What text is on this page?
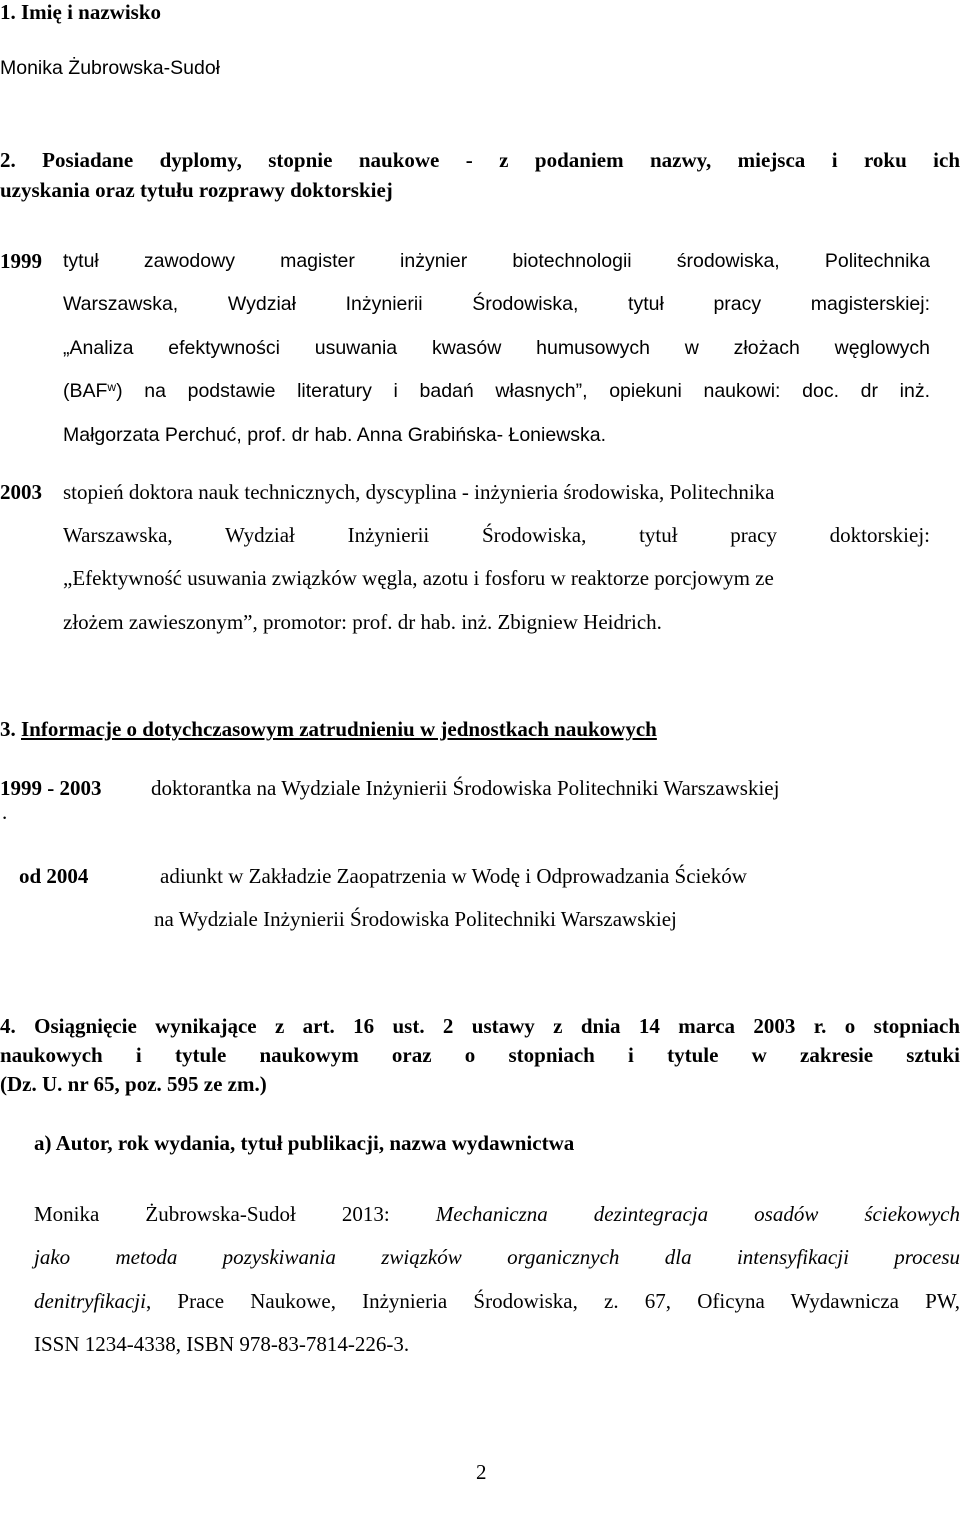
1. Imię i nazwisko
Monika Żubrowska-Sudoł
2. Posiadane dyplomy, stopnie naukowe - z podaniem nazwy, miejsca i roku ich
uzyskania oraz tytułu rozprawy doktorskiej
1999 tytuł zawodowy magister inżynier biotechnologii środowiska, Politechnika
Warszawska, Wydział Inżynierii Środowiska, tytuł pracy magisterskiej:
„Analiza efektywności usuwania kwasów humusowych w złożach węglowych
(BAF w ) na podstawie literatury i badań własnych”, opiekuni naukowi: doc. dr inż.
Małgorzata Perchuć, prof. dr hab. Anna Grabińska- Łoniewska.
2003 stopień doktora nauk technicznych, dyscyplina - inżynieria środowiska, Politechnika
Warszawska, Wydział Inżynierii Środowiska, tytuł pracy doktorskiej:
„Efektywność usuwania związków węgla, azotu i fosforu w reaktorze porcjowym ze
złożem zawieszonym”, promotor: prof. dr hab. inż. Zbigniew Heidrich.
3. Informacje o dotychczasowym zatrudnieniu w jednostkach naukowych
1999 - 2003 doktorantka na Wydziale Inżynierii Środowiska Politechniki Warszawskiej
.
od 2004	adiunkt w Zakładzie Zaopatrzenia w Wodę i Odprowadzania Ścieków
na Wydziale Inżynierii Środowiska Politechniki Warszawskiej
4. Osiągnięcie wynikające z art. 16 ust. 2 ustawy z dnia 14 marca 2003 r. o stopniach
naukowych i tytule naukowym oraz o stopniach i tytule w zakresie sztuki
(Dz. U. nr 65, poz. 595 ze zm.)
a) Autor, rok wydania, tytuł publikacji, nazwa wydawnictwa
Monika Żubrowska-Sudoł 2013: Mechaniczna dezintegracja osadów ściekowych
jako metoda pozyskiwania związków organicznych dla intensyfikacji procesu
denitryfikacji, Prace Naukowe, Inżynieria Środowiska, z. 67, Oficyna Wydawnicza PW,
ISSN 1234-4338, ISBN 978-83-7814-226-3.
2
